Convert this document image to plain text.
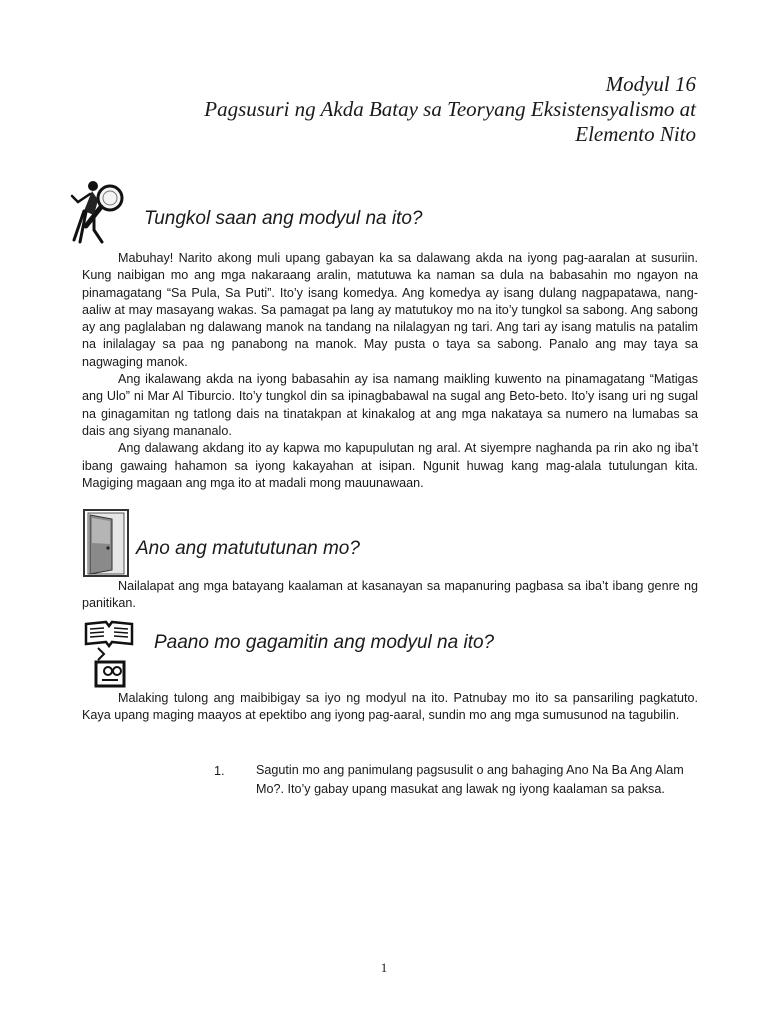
Modyul 16
Pagsusuri ng Akda Batay sa Teoryang Eksistensyalismo at
Elemento Nito
Tungkol saan ang modyul na ito?

Mabuhay! Narito akong muli upang gabayan ka sa dalawang akda na iyong pag-aaralan at susuriin. Kung naibigan mo ang mga nakaraang aralin, matutuwa ka naman sa dula na babasahin mo ngayon na pinamagatang “Sa Pula, Sa Puti”. Ito’y isang komedya. Ang komedya ay isang dulang nagpapatawa, nang-aaliw at may masayang wakas. Sa pamagat pa lang ay matutukoy mo na ito’y tungkol sa sabong. Ang sabong ay ang paglalaban ng dalawang manok na tandang na nilalagyan ng tari. Ang tari ay isang matulis na patalim na inilalagay sa paa ng panabong na manok. May pusta o taya sa sabong. Panalo ang may taya sa nagwaging manok.

Ang ikalawang akda na iyong babasahin ay isa namang maikling kuwento na pinamagatang “Matigas ang Ulo” ni Mar Al Tiburcio. Ito’y tungkol din sa ipinagbabawal na sugal ang Beto-beto. Ito’y isang uri ng sugal na ginagamitan ng tatlong dais na tinatakpan at kinakalog at ang mga nakataya sa numero na lumabas sa dais ang siyang mananalo.

Ang dalawang akdang ito ay kapwa mo kapupulutan ng aral. At siyempre naghanda pa rin ako ng iba’t ibang gawaing hahamon sa iyong kakayahan at isipan. Ngunit huwag kang mag-alala tutulungan kita. Magiging magaan ang mga ito at madali mong mauunawaan.

Ano ang matututunan mo?

Nailalapat ang mga batayang kaalaman at kasanayan sa mapanuring pagbasa sa iba’t ibang genre ng panitikan.

Paano mo gagamitin ang modyul na ito?

Malaking tulong ang maibibigay sa iyo ng modyul na ito. Patnubay mo ito sa pansariling pagkatuto. Kaya upang maging maayos at epektibo ang iyong pag-aaral, sundin mo ang mga sumusunod na tagubilin.

1. Sagutin mo ang panimulang pagsusulit o ang bahaging Ano Na Ba Ang Alam Mo?. Ito’y gabay upang masukat ang lawak ng iyong kaalaman sa paksa.
1
